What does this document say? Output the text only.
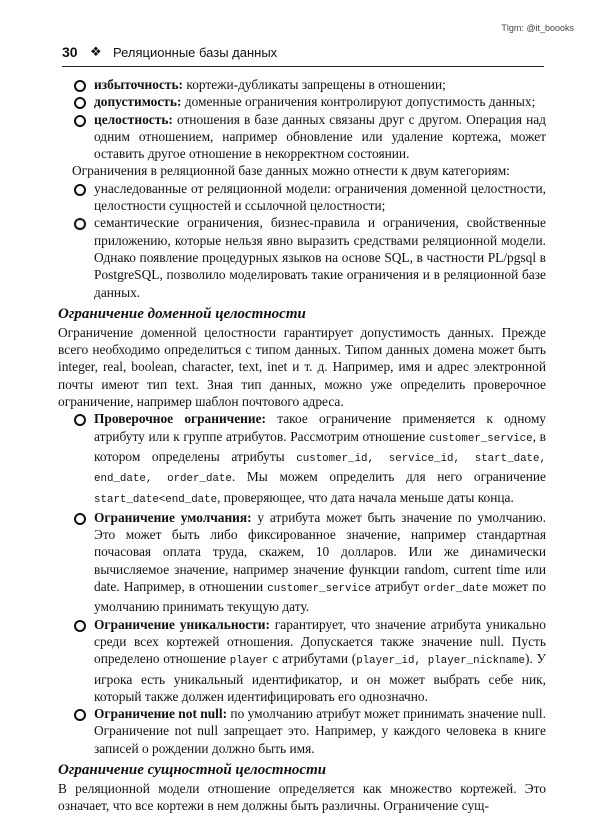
Tlgm: @it_boooks
30 ❖ Реляционные базы данных
избыточность: кортежи-дубликаты запрещены в отношении;
допустимость: доменные ограничения контролируют допустимость данных;
целостность: отношения в базе данных связаны друг с другом. Операция над одним отношением, например обновление или удаление кортежа, может оставить другое отношение в некорректном состоянии.

Ограничения в реляционной базе данных можно отнести к двум категориям:

унаследованные от реляционной модели: ограничения доменной целостности, целостности сущностей и ссылочной целостности;
семантические ограничения, бизнес-правила и ограничения, свойственные приложению, которые нельзя явно выразить средствами реляционной модели. Однако появление процедурных языков на основе SQL, в частности PL/pgsql в PostgreSQL, позволило моделировать такие ограничения и в реляционной базе данных.
Ограничение доменной целостности

Ограничение доменной целостности гарантирует допустимость данных. Прежде всего необходимо определиться с типом данных. Типом данных домена может быть integer, real, boolean, character, text, inet и т. д. Например, имя и адрес электронной почты имеют тип text. Зная тип данных, можно уже определить проверочное ограничение, например шаблон почтового адреса.

Проверочное ограничение: такое ограничение применяется к одному атрибуту или к группе атрибутов. Рассмотрим отношение customer_service, в котором определены атрибуты customer_id, service_id, start_date, end_date, order_date. Мы можем определить для него ограничение start_date<end_date, проверяющее, что дата начала меньше даты конца.
Ограничение умолчания: у атрибута может быть значение по умолчанию. Это может быть либо фиксированное значение, например стандартная почасовая оплата труда, скажем, 10 долларов. Или же динамически вычисляемое значение, например значение функции random, current time или date. Например, в отношении customer_service атрибут order_date может по умолчанию принимать текущую дату.
Ограничение уникальности: гарантирует, что значение атрибута уникально среди всех кортежей отношения. Допускается также значение null. Пусть определено отношение player с атрибутами (player_id, player_nickname). У игрока есть уникальный идентификатор, и он может выбрать себе ник, который также должен идентифицировать его однозначно.
Ограничение not null: по умолчанию атрибут может принимать значение null. Ограничение not null запрещает это. Например, у каждого человека в книге записей о рождении должно быть имя.
Ограничение сущностной целостности

В реляционной модели отношение определяется как множество кортежей. Это означает, что все кортежи в нем должны быть различны. Ограничение сущ-
